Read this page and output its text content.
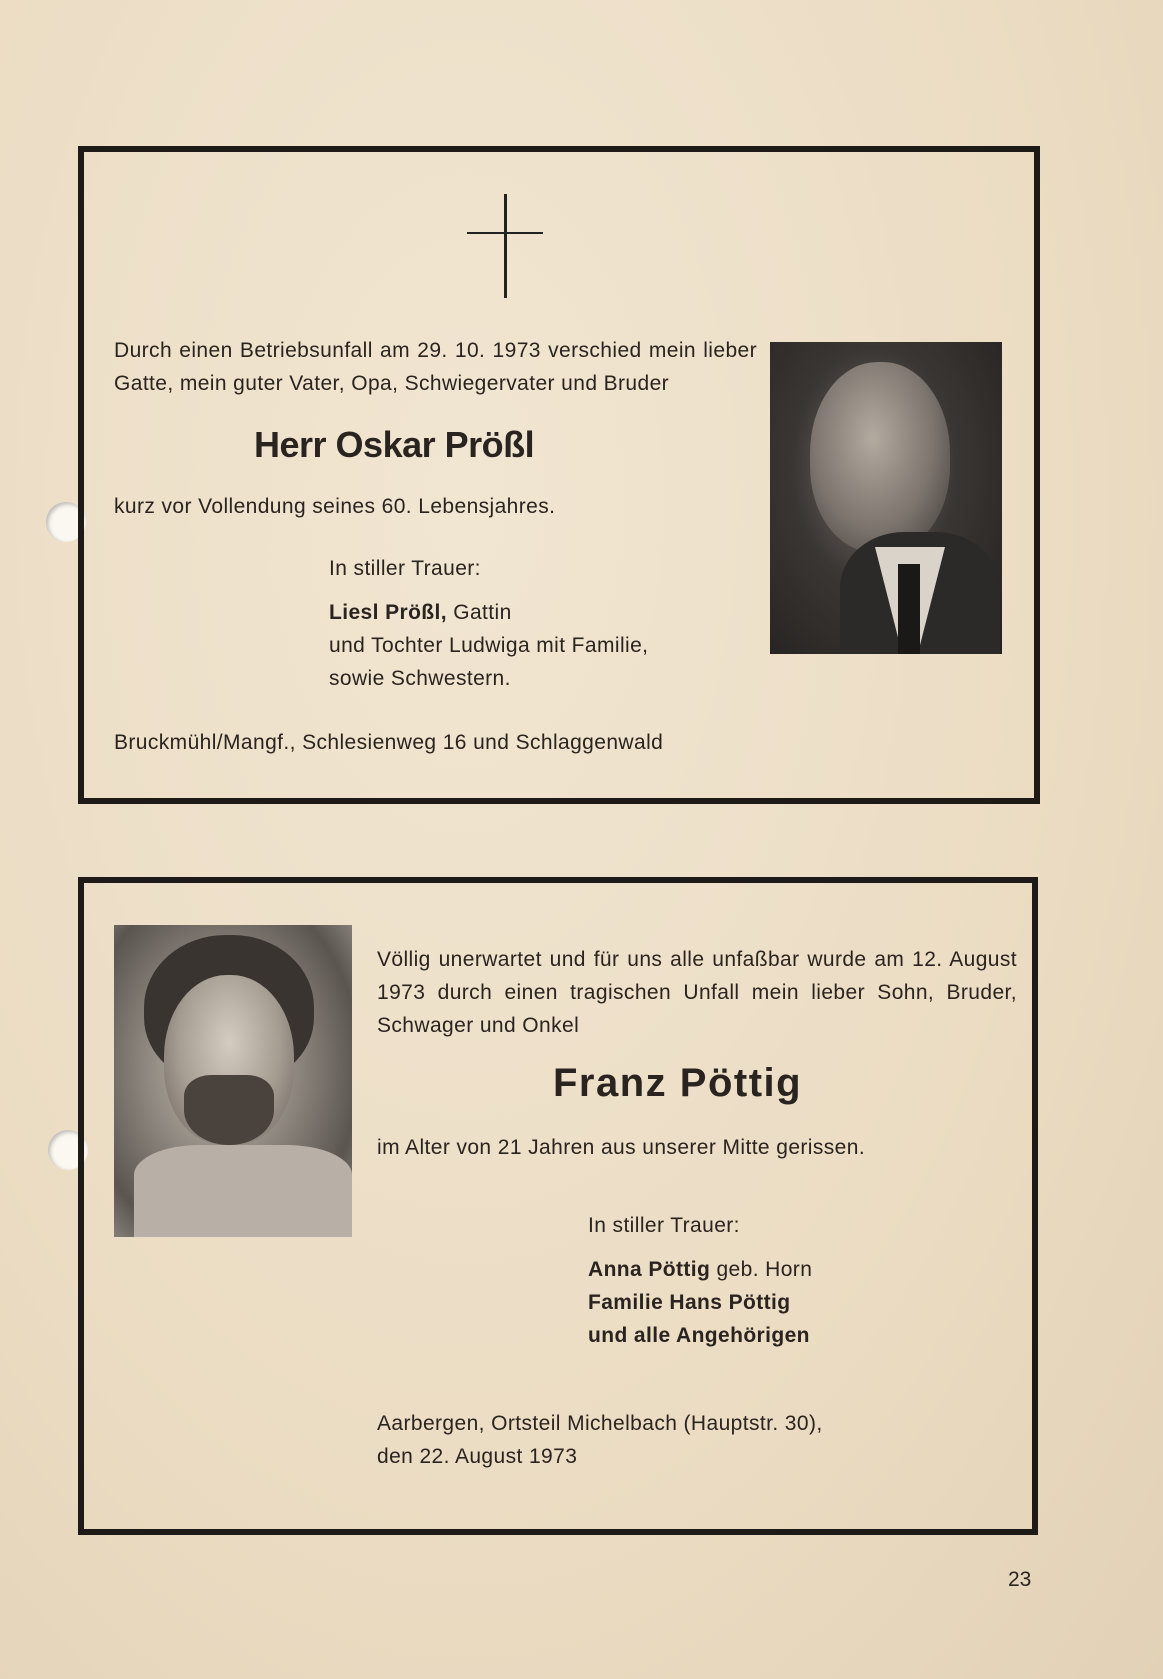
Durch einen Betriebsunfall am 29. 10. 1973 verschied mein lieber Gatte, mein guter Vater, Opa, Schwiegervater und Bruder
Herr Oskar Prößl
kurz vor Vollendung seines 60. Lebensjahres.
In stiller Trauer:
Liesl Prößl, Gattin
und Tochter Ludwiga mit Familie,
sowie Schwestern.
Bruckmühl/Mangf., Schlesienweg 16 und Schlaggenwald
Völlig unerwartet und für uns alle unfaßbar wurde am 12. August 1973 durch einen tragischen Unfall mein lieber Sohn, Bruder, Schwager und Onkel
Franz Pöttig
im Alter von 21 Jahren aus unserer Mitte gerissen.
In stiller Trauer:
Anna Pöttig geb. Horn
Familie Hans Pöttig
und alle Angehörigen
Aarbergen, Ortsteil Michelbach (Hauptstr. 30),
den 22. August 1973
23
